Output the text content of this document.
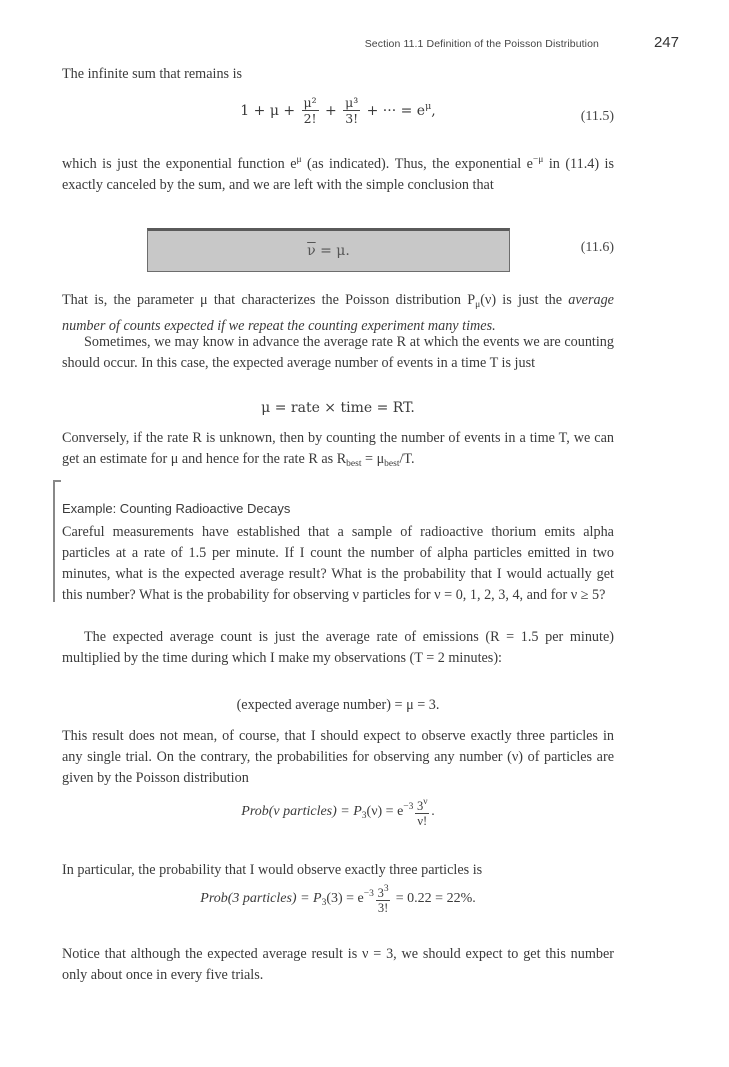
Section 11.1 Definition of the Poisson Distribution	247

The infinite sum that remains is

$1 + \mu + \frac{\text{μ²}}{2!} + \frac{\text{μ³}}{3!}$ + ··· = $e^\mu$,	(11.5)

which is just the exponential function $e^\mu$ (as indicated). Thus, the exponential $e^{-\mu}$ in (11.4) is exactly canceled by the sum, and we are left with the simple conclusion that

$\overline{\nu} = \mu$.	(11.6)

That is, the parameter μ that characterizes the Poisson distribution $P_\mu(\nu)$ is just the average number of counts expected if we repeat the counting experiment many times.

Sometimes, we may know in advance the average rate R at which the events we are counting should occur. In this case, the expected average number of events in a time T is just

μ = rate × time = RT.

Conversely, if the rate R is unknown, then by counting the number of events in a time T, we can get an estimate for μ and hence for the rate R as $R_{best} = \mu_{best}/T$.

Example: Counting Radioactive Decays

Careful measurements have established that a sample of radioactive thorium emits alpha particles at a rate of 1.5 per minute. If I count the number of alpha particles emitted in two minutes, what is the expected average result? What is the probability that I would actually get this number? What is the probability for observing ν particles for ν = 0, 1, 2, 3, 4, and for ν ≥ 5?

The expected average count is just the average rate of emissions (R = 1.5 per minute) multiplied by the time during which I make my observations (T = 2 minutes):

(expected average number) = μ = 3.

This result does not mean, of course, that I should expect to observe exactly three particles in any single trial. On the contrary, the probabilities for observing any number (ν) of particles are given by the Poisson distribution

Prob(ν particles) = $P_3(\nu) = e^{-3} \frac{3^\nu}{\nu!}$ .

In particular, the probability that I would observe exactly three particles is

Prob(3 particles) = $P_3(3) = e^{-3} \frac{3^3}{3!} = 0.22 = 22\%$.

Notice that although the expected average result is ν = 3, we should expect to get this number only about once in every five trials.
